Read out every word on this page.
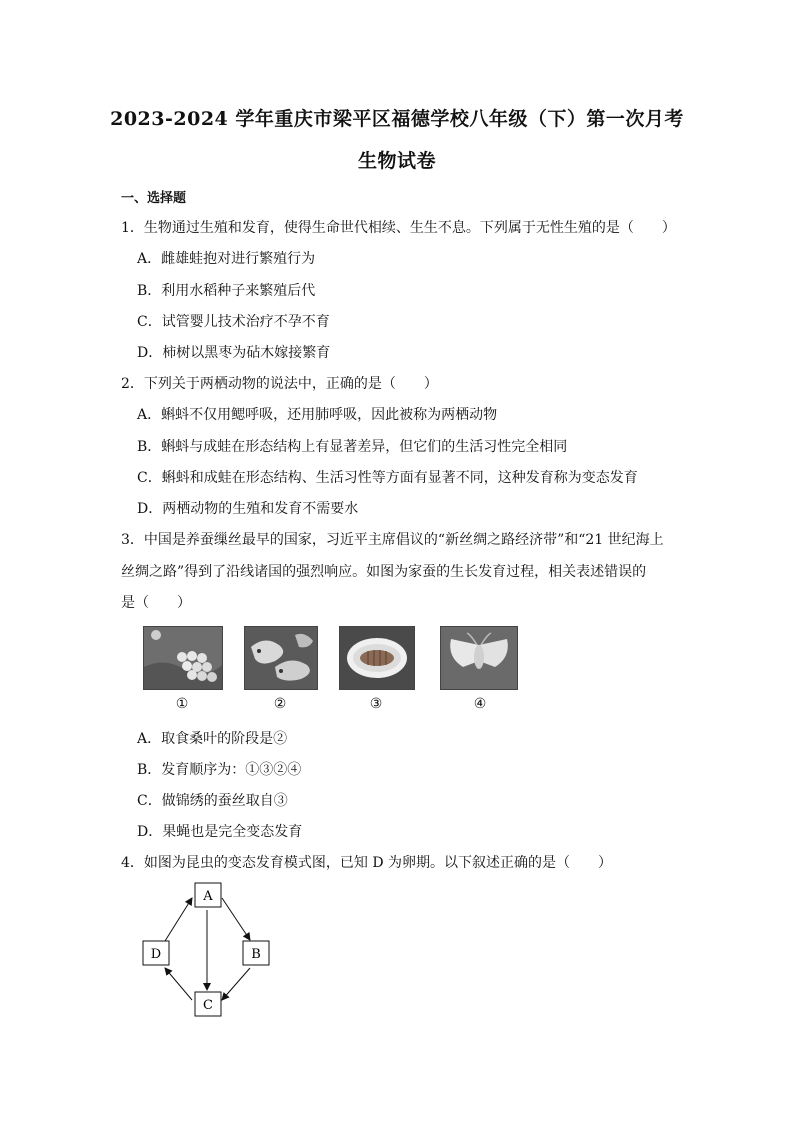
2023-2024 学年重庆市梁平区福德学校八年级（下）第一次月考
生物试卷
一、选择题
1．生物通过生殖和发育，使得生命世代相续、生生不息。下列属于无性生殖的是（　　）
A．雌雄蛙抱对进行繁殖行为
B．利用水稻种子来繁殖后代
C．试管婴儿技术治疗不孕不育
D．柿树以黑枣为砧木嫁接繁育
2．下列关于两栖动物的说法中，正确的是（　　）
A．蝌蚪不仅用鳃呼吸，还用肺呼吸，因此被称为两栖动物
B．蝌蚪与成蛙在形态结构上有显著差异，但它们的生活习性完全相同
C．蝌蚪和成蛙在形态结构、生活习性等方面有显著不同，这种发育称为变态发育
D．两栖动物的生殖和发育不需要水
3．中国是养蚕缫丝最早的国家，习近平主席倡议的“新丝绸之路经济带”和“21 世纪海上
丝绸之路”得到了沿线诸国的强烈响应。如图为家蚕的生长发育过程，相关表述错误的
是（　　）
①	②	③	④
A．取食桑叶的阶段是②
B．发育顺序为：①③②④
C．做锦绣的蚕丝取自③
D．果蝇也是完全变态发育
4．如图为昆虫的变态发育模式图，已知 D 为卵期。以下叙述正确的是（　　）
A
B
C
D
